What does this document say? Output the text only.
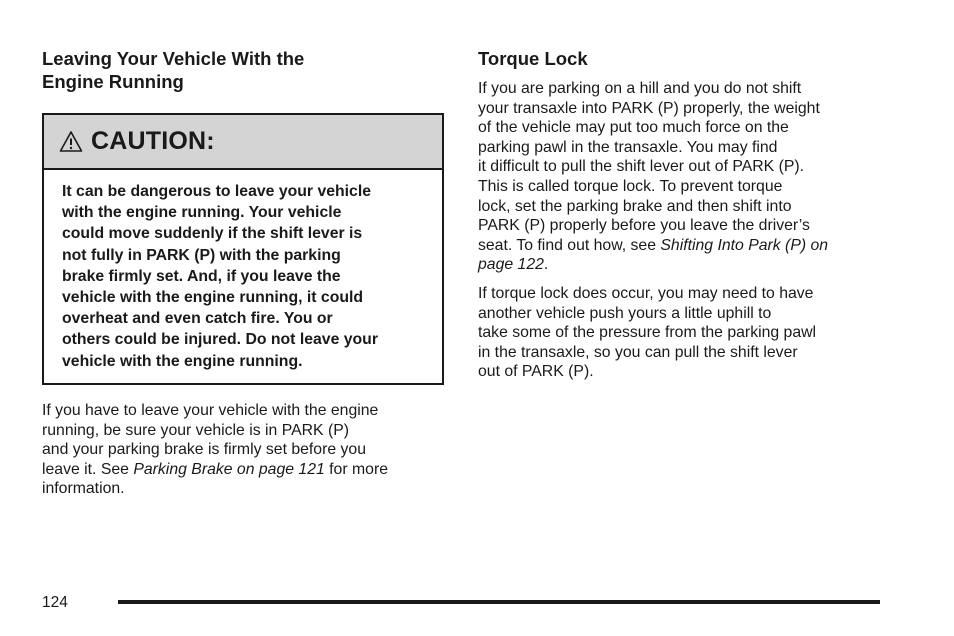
Leaving Your Vehicle With the
Engine Running
CAUTION:
It can be dangerous to leave your vehicle
with the engine running. Your vehicle
could move suddenly if the shift lever is
not fully in PARK (P) with the parking
brake firmly set. And, if you leave the
vehicle with the engine running, it could
overheat and even catch fire. You or
others could be injured. Do not leave your
vehicle with the engine running.
If you have to leave your vehicle with the engine
running, be sure your vehicle is in PARK (P)
and your parking brake is firmly set before you
leave it. See Parking Brake on page 121 for more
information.
Torque Lock
If you are parking on a hill and you do not shift
your transaxle into PARK (P) properly, the weight
of the vehicle may put too much force on the
parking pawl in the transaxle. You may find
it difficult to pull the shift lever out of PARK (P).
This is called torque lock. To prevent torque
lock, set the parking brake and then shift into
PARK (P) properly before you leave the driver’s
seat. To find out how, see Shifting Into Park (P) on
page 122.
If torque lock does occur, you may need to have
another vehicle push yours a little uphill to
take some of the pressure from the parking pawl
in the transaxle, so you can pull the shift lever
out of PARK (P).
124
